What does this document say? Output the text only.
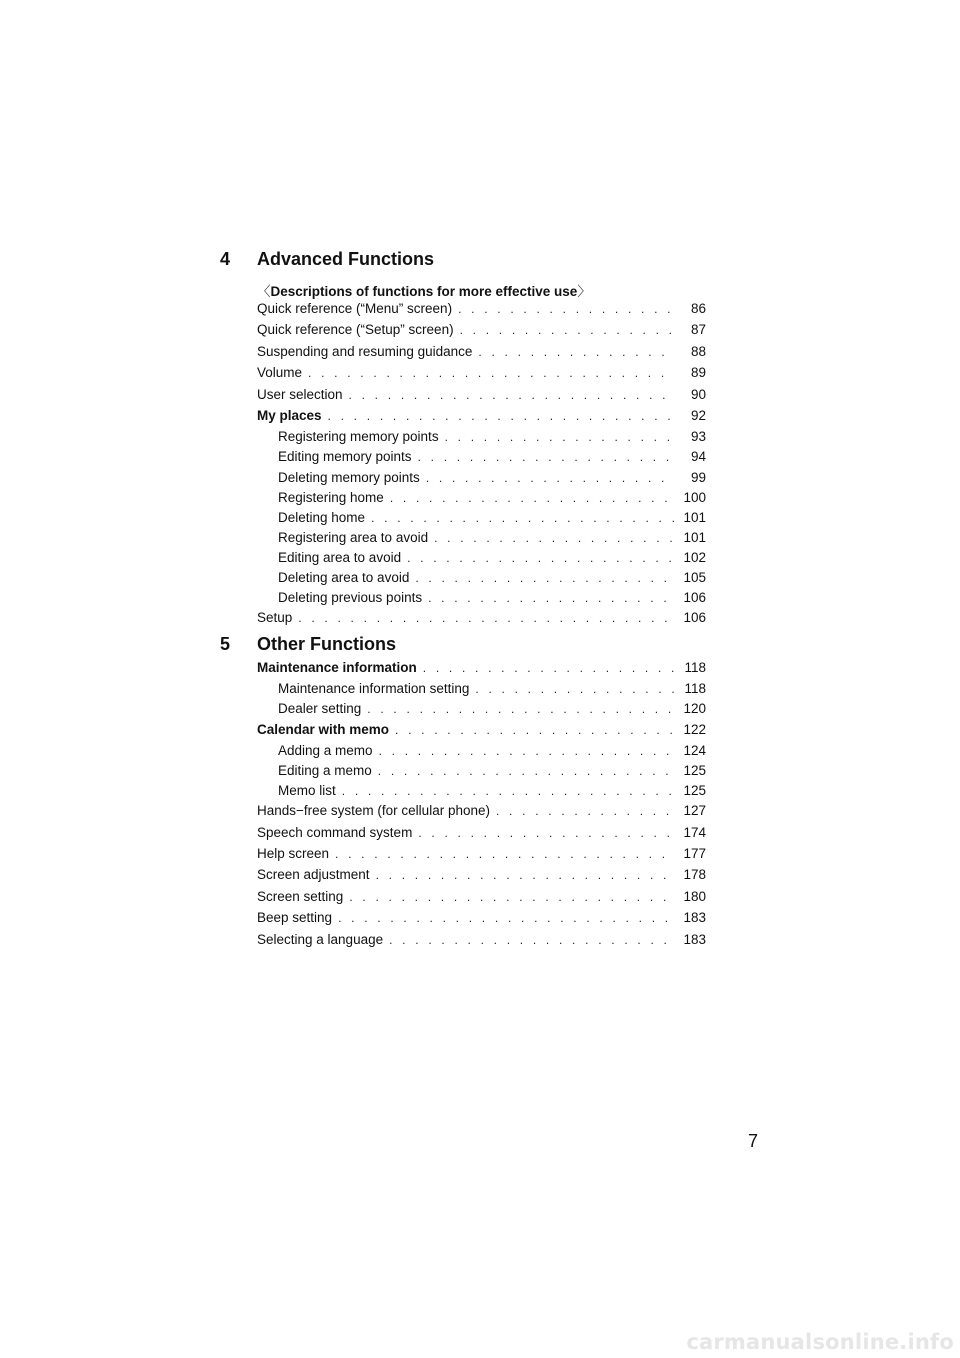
4	Advanced Functions
〈Descriptions of functions for more effective use〉
Quick reference (“Menu” screen) . . .	86
Quick reference (“Setup” screen) . . .	87
Suspending and resuming guidance . . .	88
Volume . . .	89
User selection . . .	90
My places . . .	92
Registering memory points . . .	93
Editing memory points . . .	94
Deleting memory points . . .	99
Registering home . . .	100
Deleting home . . .	101
Registering area to avoid . . .	101
Editing area to avoid . . .	102
Deleting area to avoid . . .	105
Deleting previous points . . .	106
Setup . . .	106
5	Other Functions
Maintenance information . . .	118
Maintenance information setting . . .	118
Dealer setting . . .	120
Calendar with memo . . .	122
Adding a memo . . .	124
Editing a memo . . .	125
Memo list . . .	125
Hands−free system (for cellular phone) . . .	127
Speech command system . . .	174
Help screen . . .	177
Screen adjustment . . .	178
Screen setting . . .	180
Beep setting . . .	183
Selecting a language . . .	183
7
carmanualsonline.info
